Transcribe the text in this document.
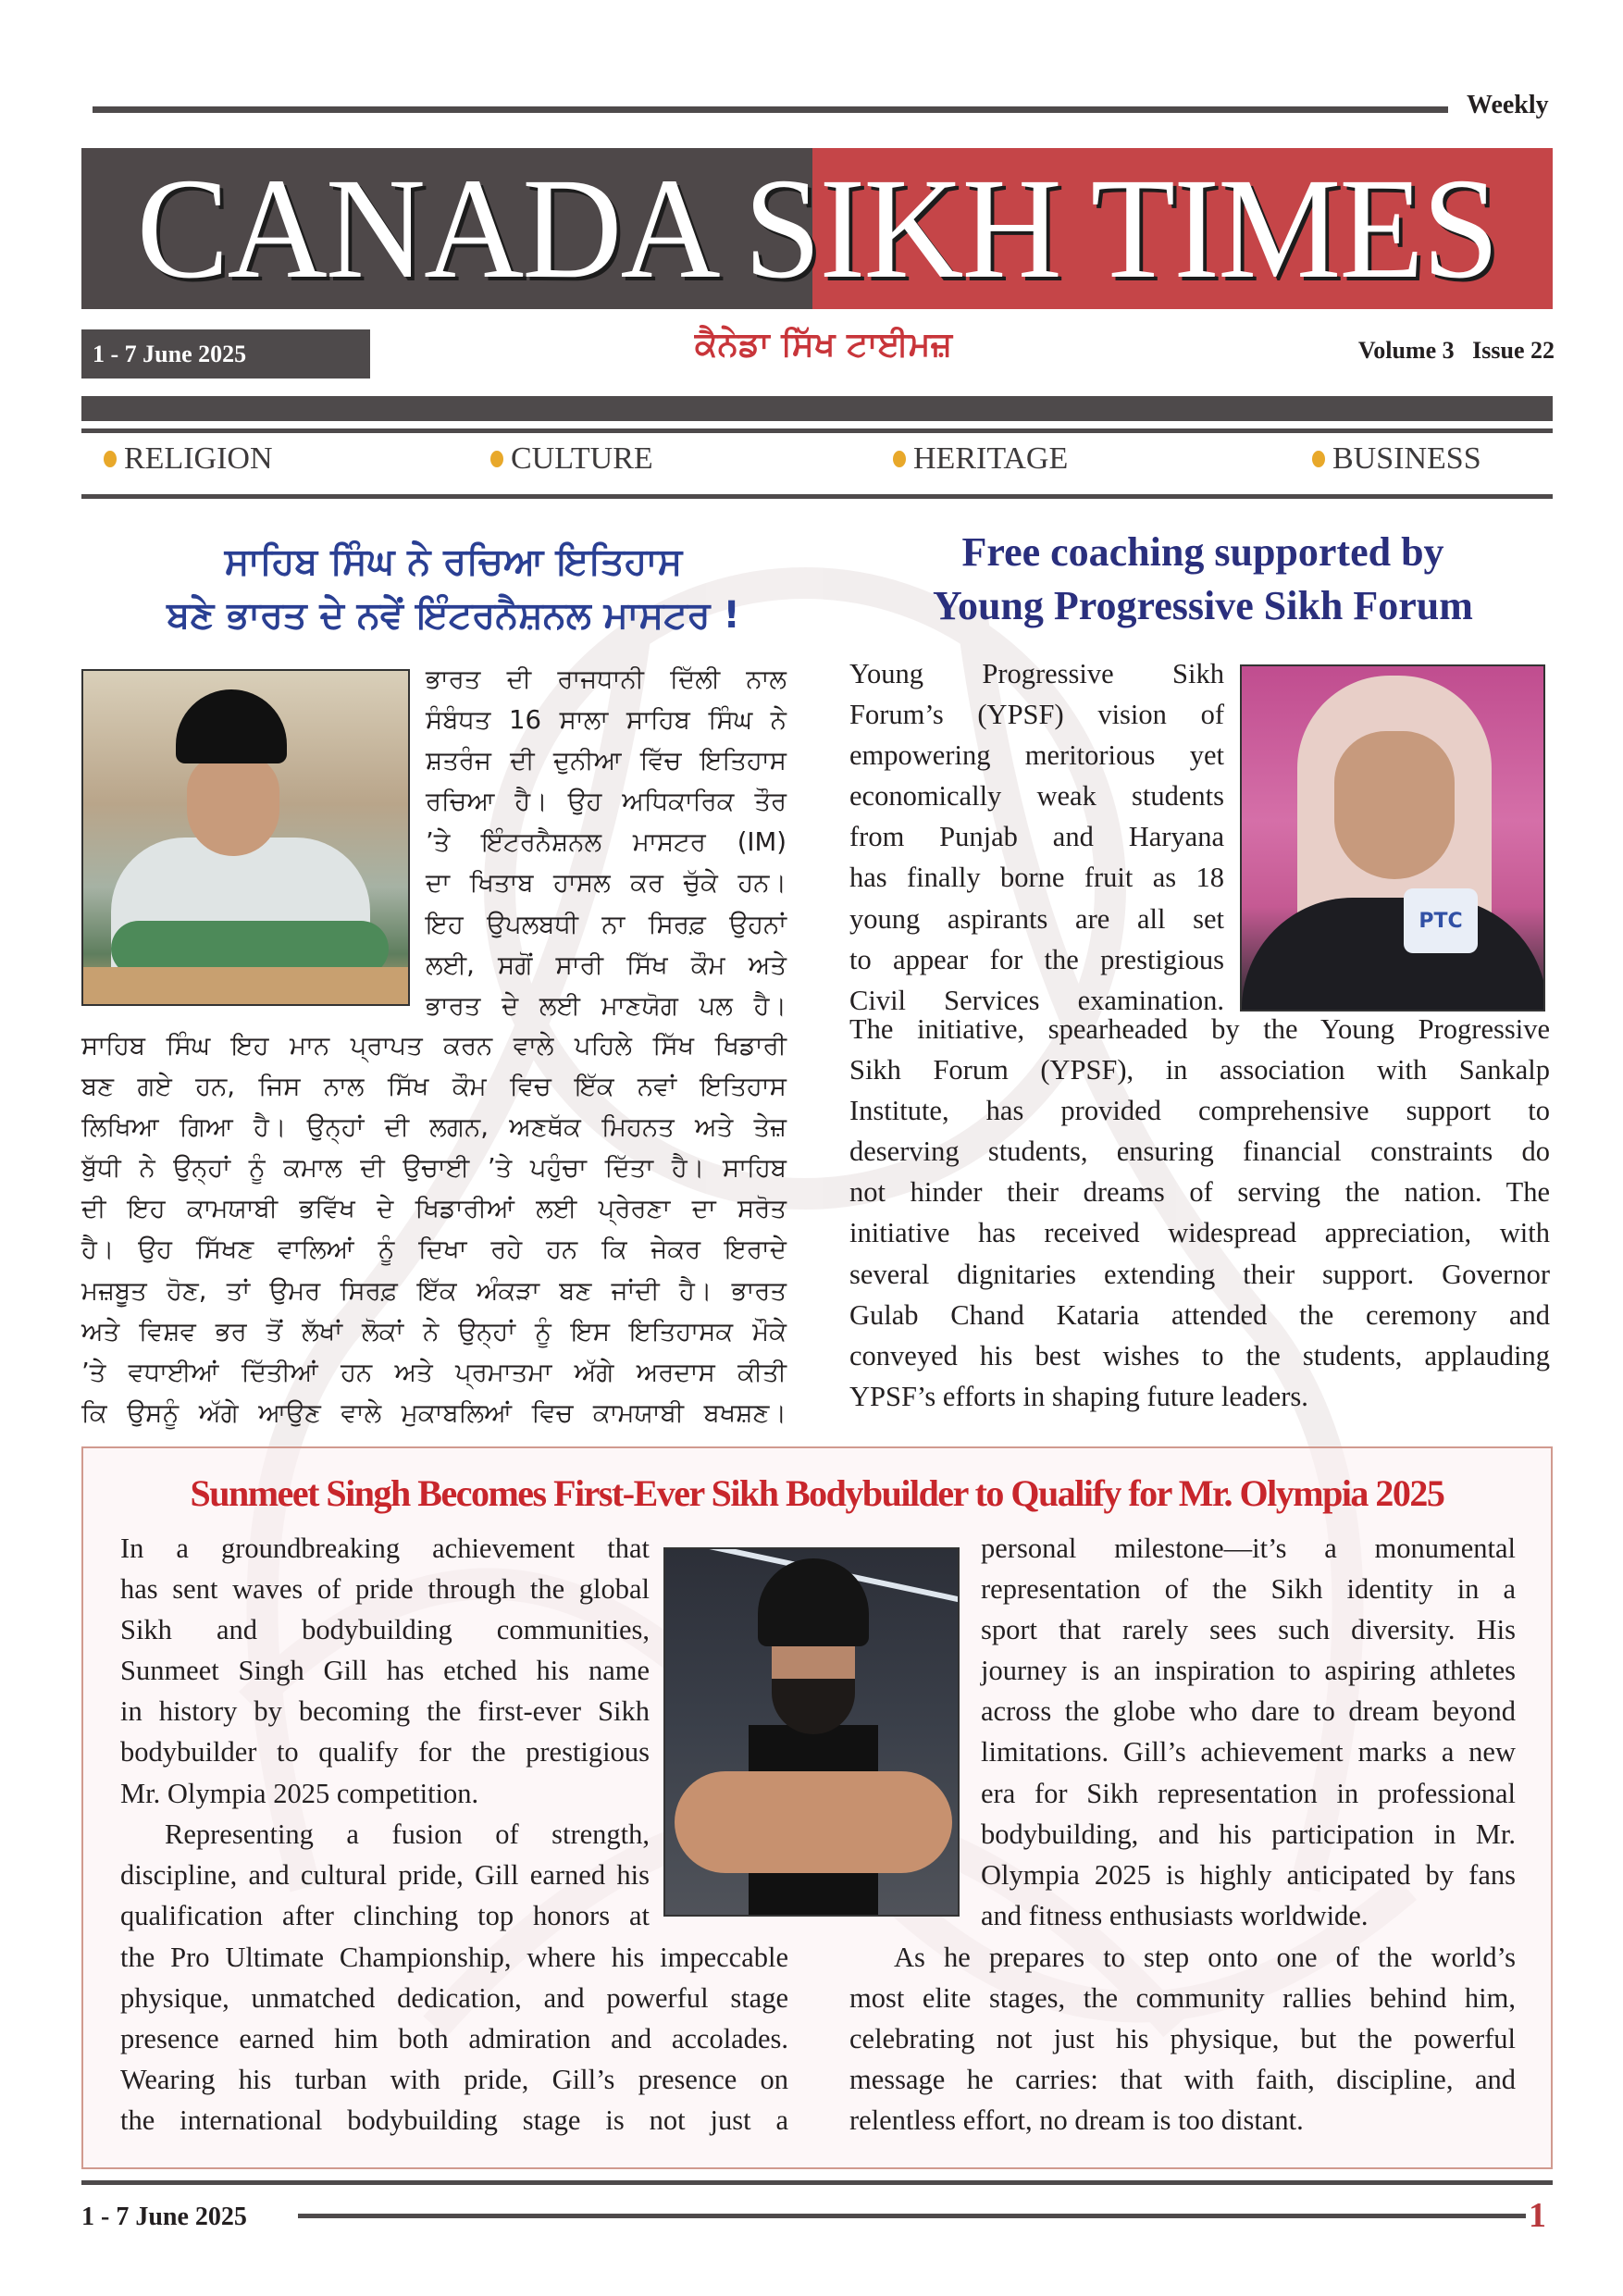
Weekly
CANADA SIKH TIMES
1 - 7 June 2025	ਕੈਨੇਡਾ ਸਿੱਖ ਟਾਈਮਜ਼	Volume 3 Issue 22
RELIGION	CULTURE	HERITAGE	BUSINESS
ਸਾਹਿਬ ਸਿੰਘ ਨੇ ਰਚਿਆ ਇਤਿਹਾਸ
ਬਣੇ ਭਾਰਤ ਦੇ ਨਵੇਂ ਇੰਟਰਨੈਸ਼ਨਲ ਮਾਸਟਰ !
ਭਾਰਤ ਦੀ ਰਾਜਧਾਨੀ ਦਿੱਲੀ ਨਾਲ
ਸੰਬੰਧਤ 16 ਸਾਲਾ ਸਾਹਿਬ ਸਿੰਘ ਨੇ
ਸ਼ਤਰੰਜ ਦੀ ਦੁਨੀਆ ਵਿੱਚ ਇਤਿਹਾਸ
ਰਚਿਆ ਹੈ। ਉਹ ਅਧਿਕਾਰਿਕ ਤੌਰ
’ਤੇ ਇੰਟਰਨੈਸ਼ਨਲ ਮਾਸਟਰ (IM)
ਦਾ ਖਿਤਾਬ ਹਾਸਲ ਕਰ ਚੁੱਕੇ ਹਨ।
ਇਹ ਉਪਲਬਧੀ ਨਾ ਸਿਰਫ਼ ਉਹਨਾਂ
ਲਈ, ਸਗੋਂ ਸਾਰੀ ਸਿੱਖ ਕੌਮ ਅਤੇ
ਭਾਰਤ ਦੇ ਲਈ ਮਾਣਯੋਗ ਪਲ ਹੈ।
ਸਾਹਿਬ ਸਿੰਘ ਇਹ ਮਾਨ ਪ੍ਰਾਪਤ ਕਰਨ ਵਾਲੇ ਪਹਿਲੇ ਸਿੱਖ ਖਿਡਾਰੀ
ਬਣ ਗਏ ਹਨ, ਜਿਸ ਨਾਲ ਸਿੱਖ ਕੌਮ ਵਿਚ ਇੱਕ ਨਵਾਂ ਇਤਿਹਾਸ
ਲਿਖਿਆ ਗਿਆ ਹੈ। ਉਨ੍ਹਾਂ ਦੀ ਲਗਨ, ਅਣਥੱਕ ਮਿਹਨਤ ਅਤੇ ਤੇਜ਼
ਬੁੱਧੀ ਨੇ ਉਨ੍ਹਾਂ ਨੂੰ ਕਮਾਲ ਦੀ ਉਚਾਈ ’ਤੇ ਪਹੁੰਚਾ ਦਿੱਤਾ ਹੈ। ਸਾਹਿਬ
ਦੀ ਇਹ ਕਾਮਯਾਬੀ ਭਵਿੱਖ ਦੇ ਖਿਡਾਰੀਆਂ ਲਈ ਪ੍ਰੇਰਣਾ ਦਾ ਸਰੋਤ
ਹੈ। ਉਹ ਸਿੱਖਣ ਵਾਲਿਆਂ ਨੂੰ ਦਿਖਾ ਰਹੇ ਹਨ ਕਿ ਜੇਕਰ ਇਰਾਦੇ
ਮਜ਼ਬੂਤ ਹੋਣ, ਤਾਂ ਉਮਰ ਸਿਰਫ਼ ਇੱਕ ਅੰਕੜਾ ਬਣ ਜਾਂਦੀ ਹੈ। ਭਾਰਤ
ਅਤੇ ਵਿਸ਼ਵ ਭਰ ਤੋਂ ਲੱਖਾਂ ਲੋਕਾਂ ਨੇ ਉਨ੍ਹਾਂ ਨੂੰ ਇਸ ਇਤਿਹਾਸਕ ਮੌਕੇ
’ਤੇ ਵਧਾਈਆਂ ਦਿੱਤੀਆਂ ਹਨ ਅਤੇ ਪ੍ਰਮਾਤਮਾ ਅੱਗੇ ਅਰਦਾਸ ਕੀਤੀ
ਕਿ ਉਸਨੂੰ ਅੱਗੇ ਆਉਣ ਵਾਲੇ ਮੁਕਾਬਲਿਆਂ ਵਿਚ ਕਾਮਯਾਬੀ ਬਖਸ਼ਣ।
Free coaching supported by
Young Progressive Sikh Forum
Young Progressive Sikh
Forum’s (YPSF) vision of
empowering meritorious yet
economically weak students
from Punjab and Haryana
has finally borne fruit as 18
young aspirants are all set
to appear for the prestigious
Civil Services examination.
PTC
The initiative, spearheaded by the Young Progressive
Sikh Forum (YPSF), in association with Sankalp
Institute, has provided comprehensive support to
deserving students, ensuring financial constraints do
not hinder their dreams of serving the nation. The
initiative has received widespread appreciation, with
several dignitaries extending their support. Governor
Gulab Chand Kataria attended the ceremony and
conveyed his best wishes to the students, applauding
YPSF’s efforts in shaping future leaders.
Sunmeet Singh Becomes First-Ever Sikh Bodybuilder to Qualify for Mr. Olympia 2025
In a groundbreaking achievement that
has sent waves of pride through the global
Sikh and bodybuilding communities,
Sunmeet Singh Gill has etched his name
in history by becoming the first-ever Sikh
bodybuilder to qualify for the prestigious
Mr. Olympia 2025 competition.
Representing a fusion of strength,
discipline, and cultural pride, Gill earned his
qualification after clinching top honors at
the Pro Ultimate Championship, where his impeccable
physique, unmatched dedication, and powerful stage
presence earned him both admiration and accolades.
Wearing his turban with pride, Gill’s presence on
the international bodybuilding stage is not just a
personal milestone—it’s a monumental
representation of the Sikh identity in a
sport that rarely sees such diversity. His
journey is an inspiration to aspiring athletes
across the globe who dare to dream beyond
limitations. Gill’s achievement marks a new
era for Sikh representation in professional
bodybuilding, and his participation in Mr.
Olympia 2025 is highly anticipated by fans
and fitness enthusiasts worldwide.
As he prepares to step onto one of the world’s
most elite stages, the community rallies behind him,
celebrating not just his physique, but the powerful
message he carries: that with faith, discipline, and
relentless effort, no dream is too distant.
1 - 7 June 2025	1
